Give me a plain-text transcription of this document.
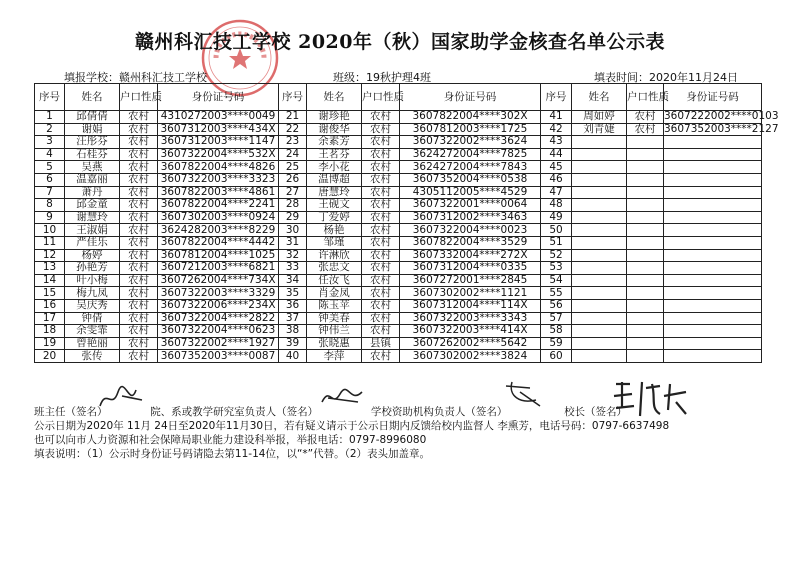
赣州科汇技工学校 2020年（秋）国家助学金核查名单公示表
填报学校：赣州科汇技工学校	班级：19秋护理4班	填表时间：2020年11月24日
序号	姓名	户口性质	身份证号码	序号	姓名	户口性质	身份证号码	序号	姓名	户口性质	身份证号码
1	邱倩倩	农村	4310272003****0049	21	谢珍艳	农村	3607822004****302X	41	周如婷	农村	3607222002****0103
2	谢娟	农村	3607312003****434X	22	谢俊华	农村	3607812003****1725	42	刘青婕	农村	3607352003****2127
3	汪彤芬	农村	3607312003****1147	23	余素芳	农村	3607322002****3624	43			
4	石桂芬	农村	3607322004****532X	24	王茗芬	农村	3624272004****7825	44			
5	吴燕	农村	3607822004****4826	25	李小花	农村	3624272004****7843	45			
6	温嘉丽	农村	3607322003****3323	26	温博超	农村	3607352004****0538	46			
7	萧丹	农村	3607822003****4861	27	唐慧玲	农村	4305112005****4529	47			
8	邱金童	农村	3607822004****2241	28	王砚文	农村	3607322001****0064	48			
9	谢慧玲	农村	3607302003****0924	29	丁爱婷	农村	3607312002****3463	49			
10	王淑娟	农村	3624282003****8229	30	杨艳	农村	3607322004****0023	50			
11	严佳乐	农村	3607822004****4442	31	邹瑾	农村	3607822004****3529	51			
12	杨婷	农村	3607812004****1025	32	许淋欣	农村	3607332004****272X	52			
13	孙艳芳	农村	3607212003****6821	33	张忠文	农村	3607312004****0335	53			
14	叶小梅	农村	3607262004****734X	34	任汝飞	农村	3607272001****2845	54			
15	梅九凤	农村	3607322003****3329	35	肖金凤	农村	3607302002****1121	55			
16	吴庆秀	农村	3607322006****234X	36	陈玉苹	农村	3607312004****114X	56			
17	钟倩	农村	3607322004****2822	37	钟美春	农村	3607322003****3343	57			
18	余雯霏	农村	3607322004****0623	38	钟伟兰	农村	3607322003****414X	58			
19	曾艳丽	农村	3607322002****1927	39	张晓惠	县镇	3607262002****5642	59			
20	张传	农村	3607352003****0087	40	李萍	农村	3607302002****3824	60			
班主任（签名）	院、系或教学研究室负责人（签名）	学校资助机构负责人（签名）	校长（签名）
公示日期为2020年 11月 24日至2020年11月30日，若有疑义请示于公示日期内反馈给校内监督人 李熏芳，电话号码：0797-6637498
也可以向市人力资源和社会保障局职业能力建设科举报，举报电话：0797-8996080
填表说明：（1）公示时身份证号码请隐去第11-14位，以“*”代替。（2）表头加盖章。
